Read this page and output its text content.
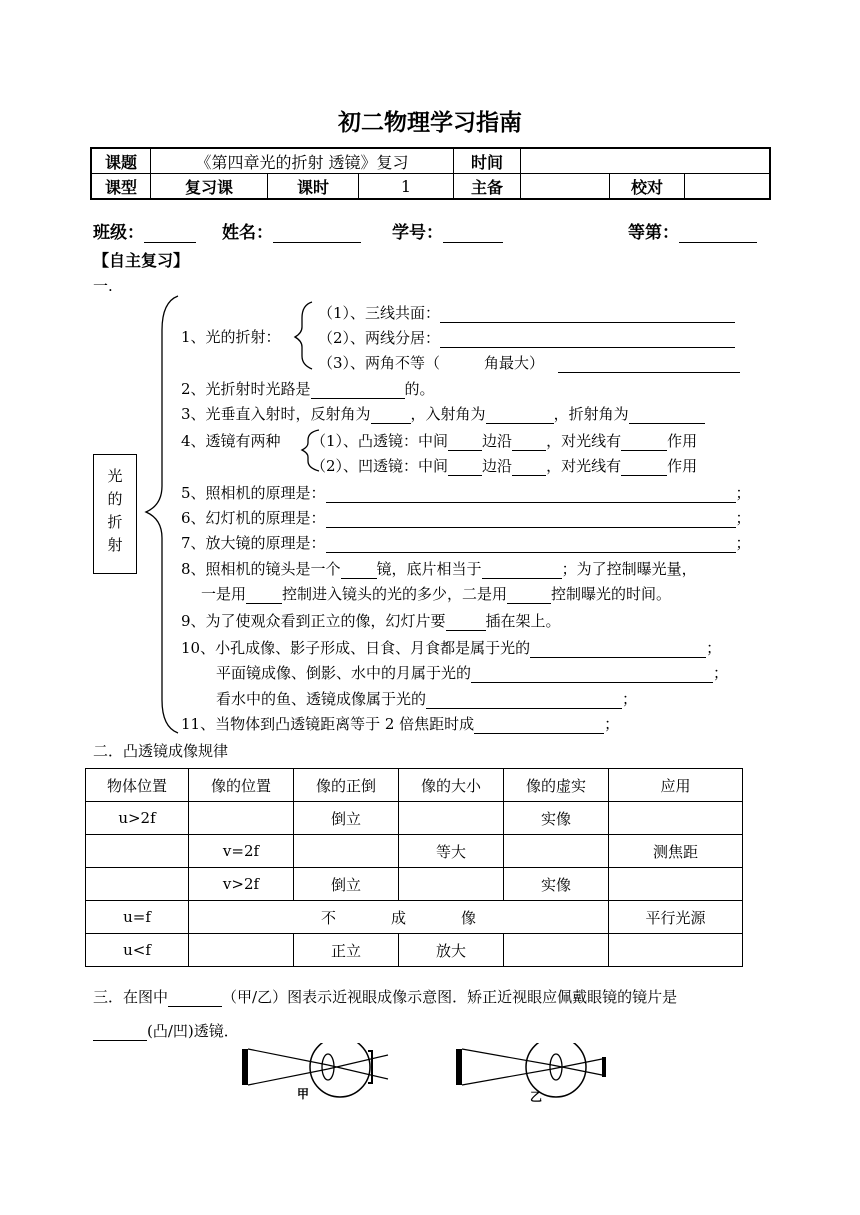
初二物理学习指南
课题	《第四章光的折射 透镜》复习			时间			
课型	复习课	课时	1	主备		校对	
班级：	姓名：	学号：	等第：
【自主复习】
一.
光的折射
1、光的折射：
（1）、三线共面：
（2）、两线分居：
（3）、两角不等（	角最大）
2、光折射时光路是	的。
3、光垂直入射时，反射角为	，入射角为	，折射角为
4、透镜有两种 （1）、凸透镜：中间 边沿 ，对光线有	作用
（2）、凹透镜：中间 边沿 ，对光线有	作用
5、照相机的原理是：	；
6、幻灯机的原理是：	；
7、放大镜的原理是：	；
8、照相机的镜头是一个 镜，底片相当于	；为了控制曝光量，
一是用 控制进入镜头的光的多少，二是用	控制曝光的时间。
9、为了使观众看到正立的像，幻灯片要	插在架上。
10、小孔成像、影子形成、日食、月食都是属于光的	；
平面镜成像、倒影、水中的月属于光的	；
看水中的鱼、透镜成像属于光的	；
11、当物体到凸透镜距离等于 2 倍焦距时成	；
二．凸透镜成像规律
物体位置	像的位置	像的正倒	像的大小	像的虚实	应用
u>2f		倒立		实像	
	v=2f		等大		测焦距
	v>2f	倒立		实像	
u=f	不 成 像				平行光源
u<f		正立	放大		
三．在图中	（甲/乙）图表示近视眼成像示意图．矫正近视眼应佩戴眼镜的镜片是
(凸/凹)透镜．
甲	乙
